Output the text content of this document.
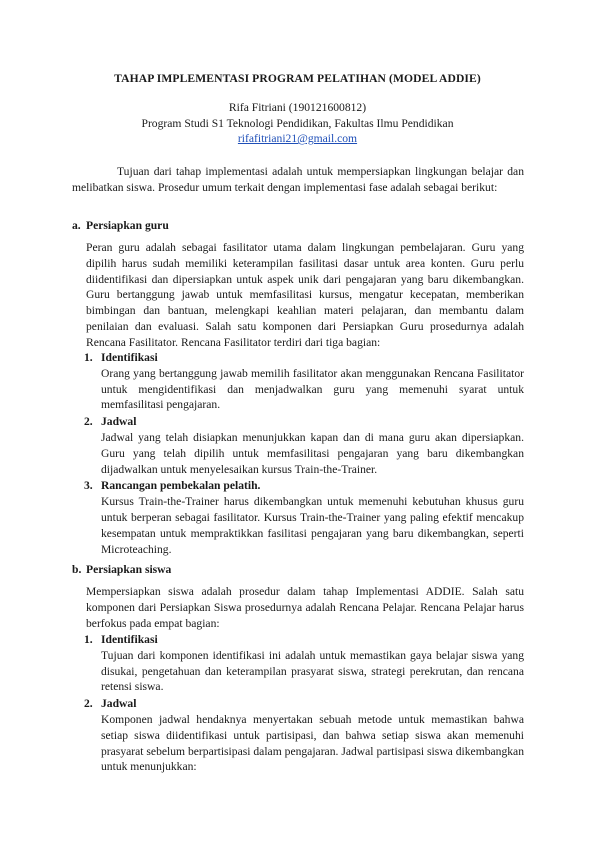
TAHAP IMPLEMENTASI PROGRAM PELATIHAN (MODEL ADDIE)
Rifa Fitriani (190121600812)
Program Studi S1 Teknologi Pendidikan, Fakultas Ilmu Pendidikan
rifafitriani21@gmail.com

Tujuan dari tahap implementasi adalah untuk mempersiapkan lingkungan belajar dan melibatkan siswa. Prosedur umum terkait dengan implementasi fase adalah sebagai berikut:

a. Persiapkan guru

Peran guru adalah sebagai fasilitator utama dalam lingkungan pembelajaran. Guru yang dipilih harus sudah memiliki keterampilan fasilitasi dasar untuk area konten. Guru perlu diidentifikasi dan dipersiapkan untuk aspek unik dari pengajaran yang baru dikembangkan. Guru bertanggung jawab untuk memfasilitasi kursus, mengatur kecepatan, memberikan bimbingan dan bantuan, melengkapi keahlian materi pelajaran, dan membantu dalam penilaian dan evaluasi. Salah satu komponen dari Persiapkan Guru prosedurnya adalah Rencana Fasilitator. Rencana Fasilitator terdiri dari tiga bagian:

1. Identifikasi
Orang yang bertanggung jawab memilih fasilitator akan menggunakan Rencana Fasilitator untuk mengidentifikasi dan menjadwalkan guru yang memenuhi syarat untuk memfasilitasi pengajaran.
2. Jadwal
Jadwal yang telah disiapkan menunjukkan kapan dan di mana guru akan dipersiapkan. Guru yang telah dipilih untuk memfasilitasi pengajaran yang baru dikembangkan dijadwalkan untuk menyelesaikan kursus Train-the-Trainer.
3. Rancangan pembekalan pelatih.
Kursus Train-the-Trainer harus dikembangkan untuk memenuhi kebutuhan khusus guru untuk berperan sebagai fasilitator. Kursus Train-the-Trainer yang paling efektif mencakup kesempatan untuk mempraktikkan fasilitasi pengajaran yang baru dikembangkan, seperti Microteaching.
b. Persiapkan siswa

Mempersiapkan siswa adalah prosedur dalam tahap Implementasi ADDIE. Salah satu komponen dari Persiapkan Siswa prosedurnya adalah Rencana Pelajar. Rencana Pelajar harus berfokus pada empat bagian:

1. Identifikasi
Tujuan dari komponen identifikasi ini adalah untuk memastikan gaya belajar siswa yang disukai, pengetahuan dan keterampilan prasyarat siswa, strategi perekrutan, dan rencana retensi siswa.
2. Jadwal
Komponen jadwal hendaknya menyertakan sebuah metode untuk memastikan bahwa setiap siswa diidentifikasi untuk partisipasi, dan bahwa setiap siswa akan memenuhi prasyarat sebelum berpartisipasi dalam pengajaran. Jadwal partisipasi siswa dikembangkan untuk menunjukkan:
